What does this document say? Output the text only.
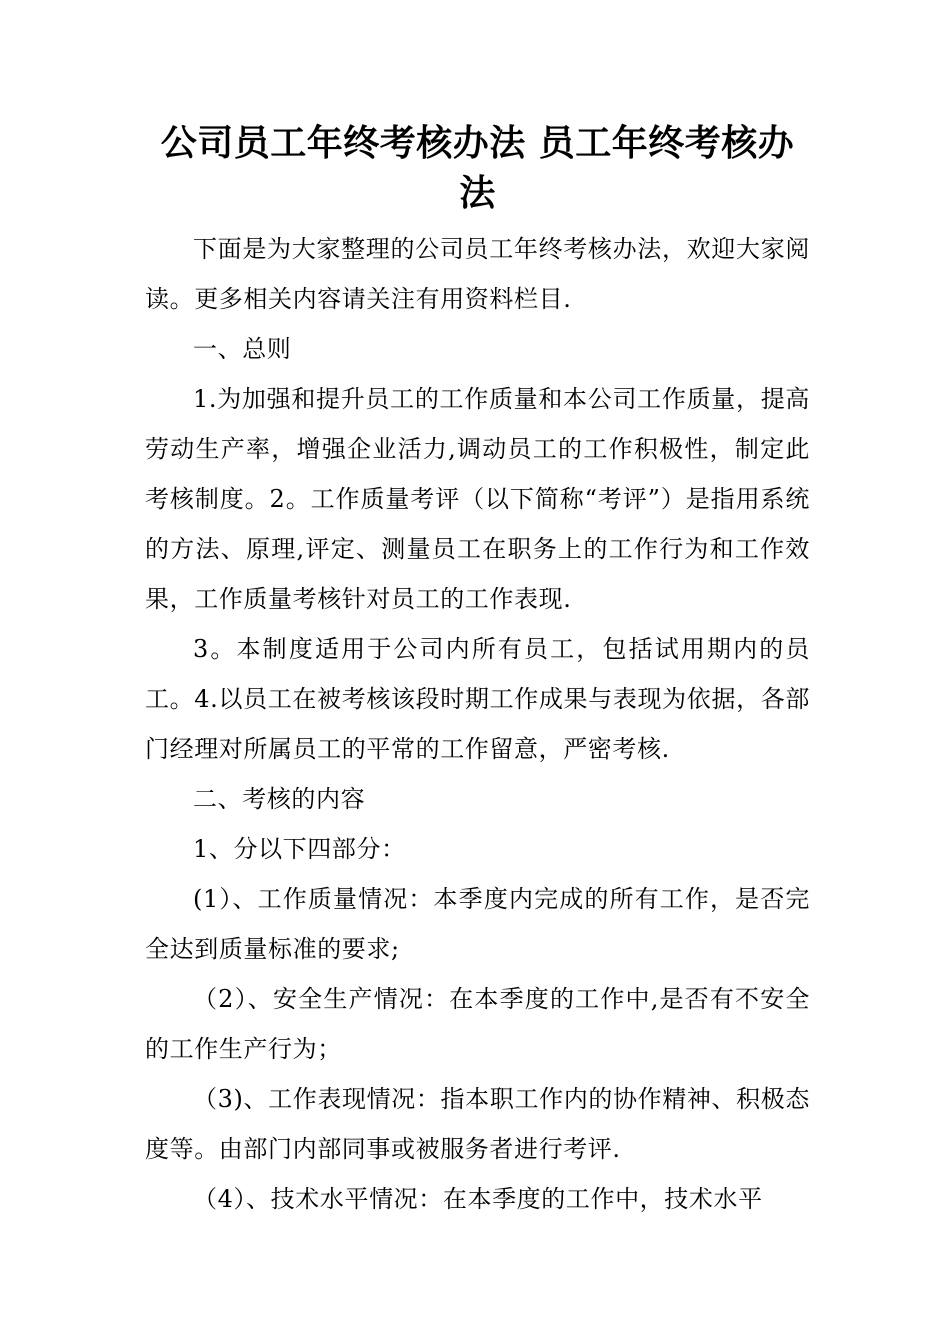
公司员工年终考核办法 员工年终考核办法

下面是为大家整理的公司员工年终考核办法，欢迎大家阅读。更多相关内容请关注有用资料栏目.

一、总则

1.为加强和提升员工的工作质量和本公司工作质量，提高劳动生产率，增强企业活力,调动员工的工作积极性，制定此考核制度。2。工作质量考评（以下简称“考评”）是指用系统的方法、原理,评定、测量员工在职务上的工作行为和工作效果，工作质量考核针对员工的工作表现.

3。本制度适用于公司内所有员工，包括试用期内的员工。4.以员工在被考核该段时期工作成果与表现为依据，各部门经理对所属员工的平常的工作留意，严密考核.

二、考核的内容

1、分以下四部分：

(1）、工作质量情况：本季度内完成的所有工作，是否完全达到质量标准的要求;

（2）、安全生产情况：在本季度的工作中,是否有不安全的工作生产行为；

（3)、工作表现情况：指本职工作内的协作精神、积极态度等。由部门内部同事或被服务者进行考评.

（4）、技术水平情况：在本季度的工作中，技术水平
